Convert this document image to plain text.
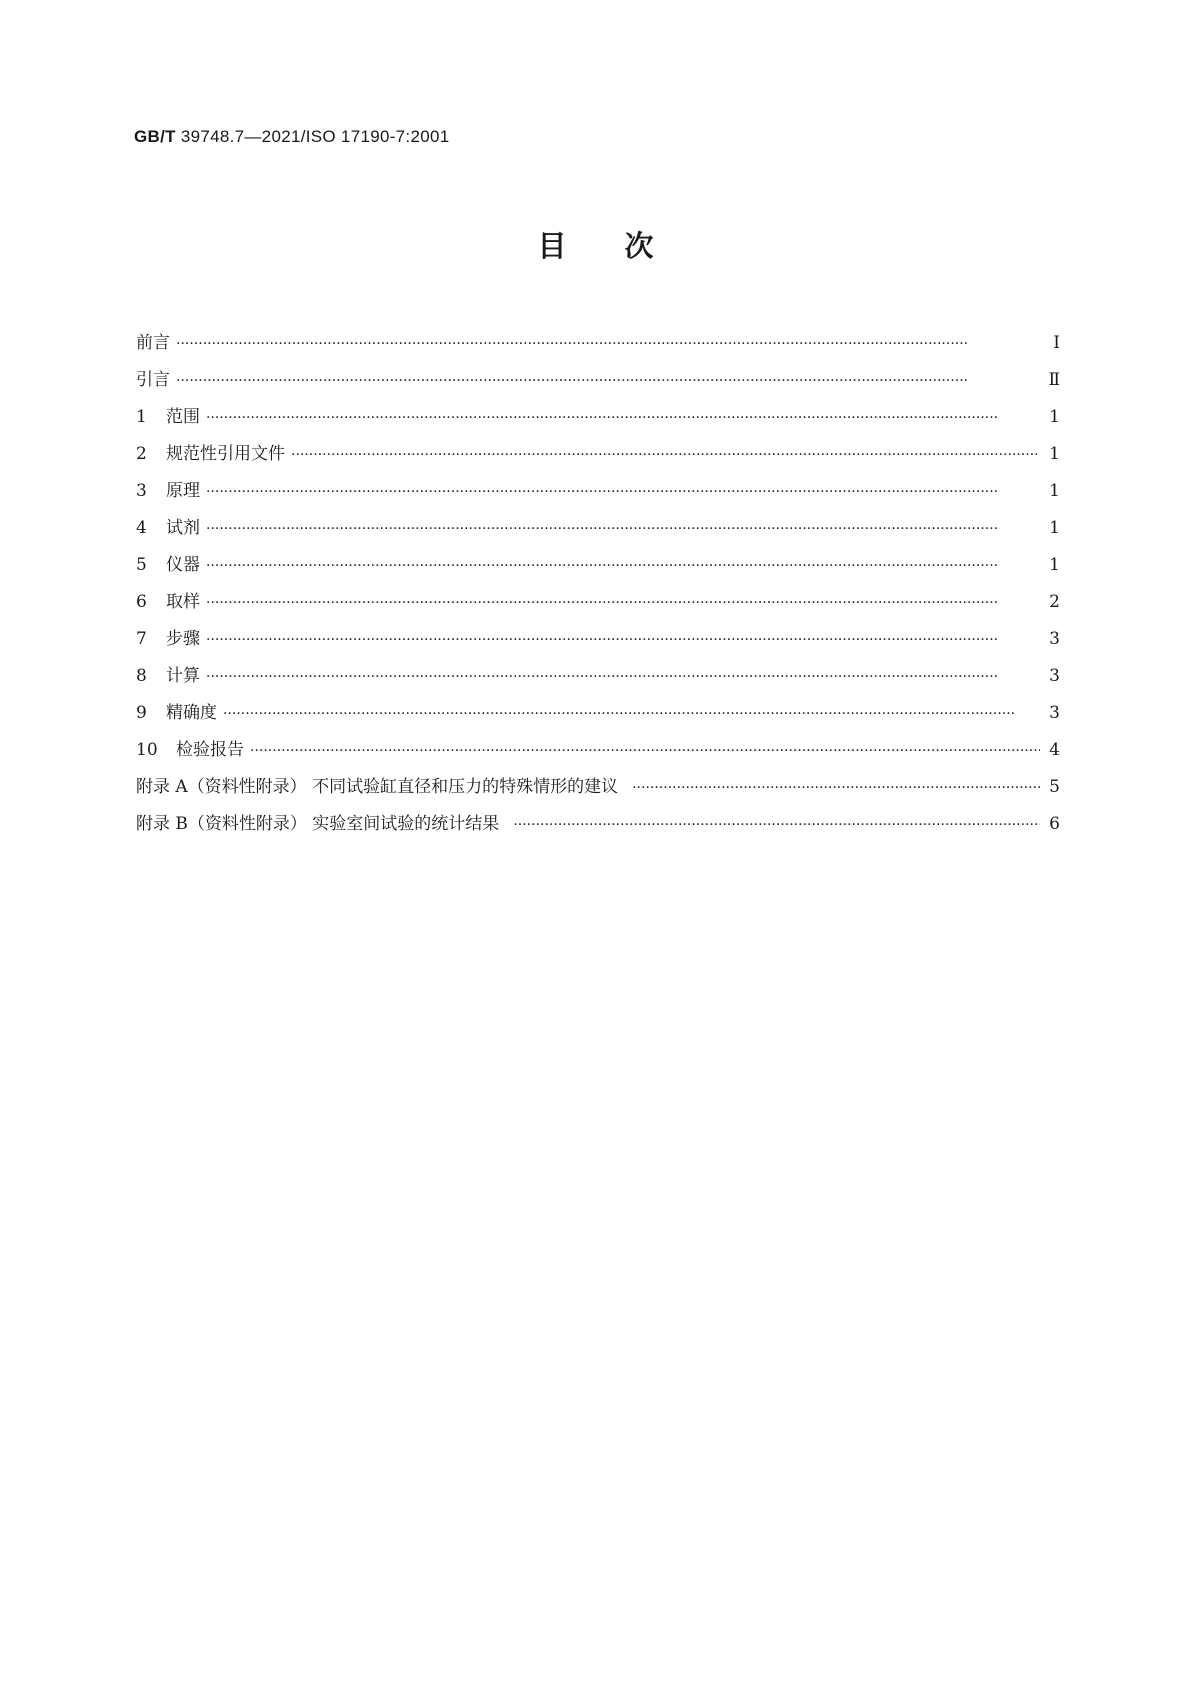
GB/T 39748.7—2021/ISO 17190-7:2001
目次
前言 ·····	Ⅰ
引言 ·····	Ⅱ
1	范围 ·····	1
2	规范性引用文件 ·····	1
3	原理 ·····	1
4	试剂 ·····	1
5	仪器 ·····	1
6	取样 ·····	2
7	步骤 ·····	3
8	计算 ·····	3
9	精确度 ·····	3
10	检验报告 ·····	4
附录 A（资料性附录） 不同试验缸直径和压力的特殊情形的建议 ·····	5
附录 B（资料性附录） 实验室间试验的统计结果 ·····	6
